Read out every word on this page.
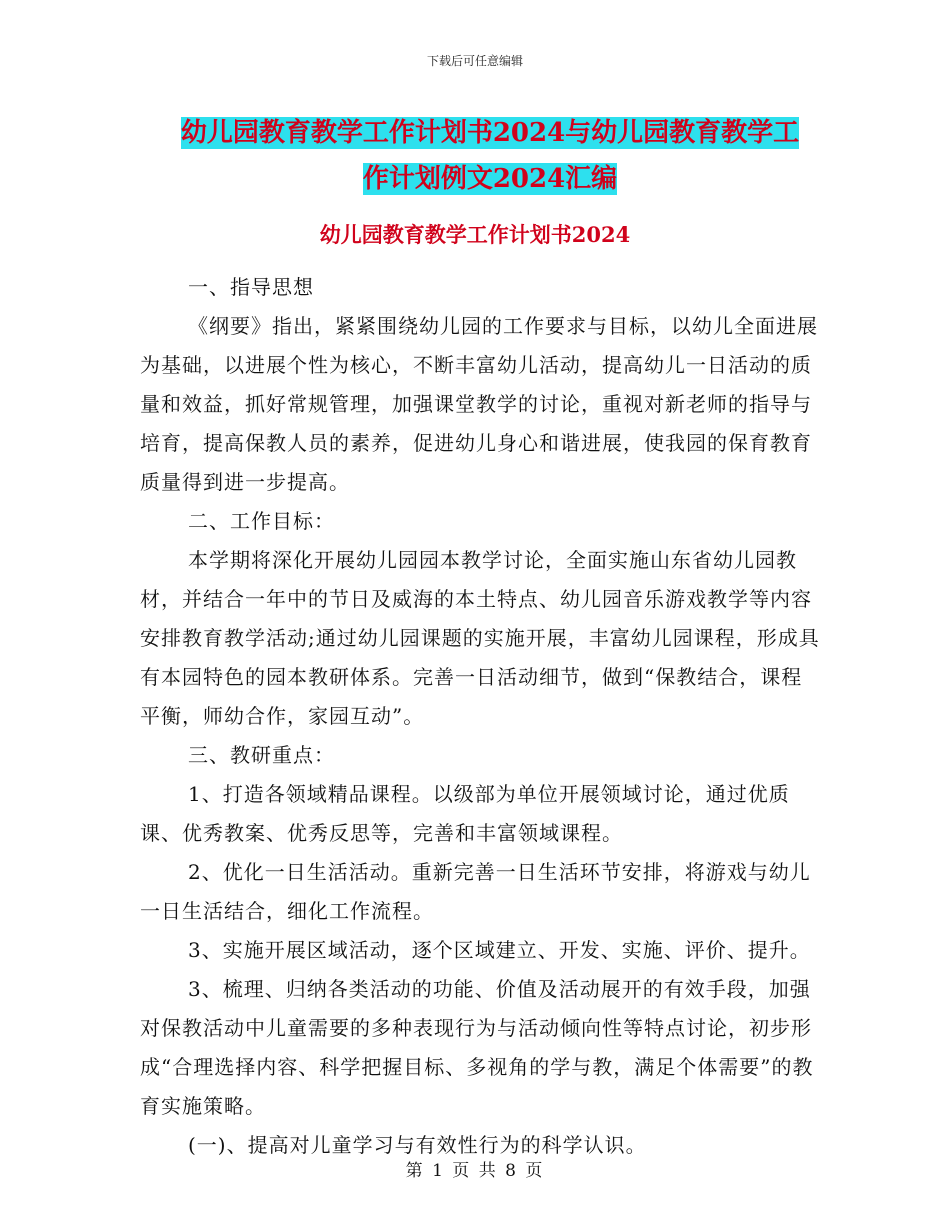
下载后可任意编辑
幼儿园教育教学工作计划书2024与幼儿园教育教学工
作计划例文2024汇编
幼儿园教育教学工作计划书2024

一、指导思想

《纲要》指出，紧紧围绕幼儿园的工作要求与目标，以幼儿全面进展为基础，以进展个性为核心，不断丰富幼儿活动，提高幼儿一日活动的质量和效益，抓好常规管理，加强课堂教学的讨论，重视对新老师的指导与培育，提高保教人员的素养，促进幼儿身心和谐进展，使我园的保育教育质量得到进一步提高。

二、工作目标：

本学期将深化开展幼儿园园本教学讨论，全面实施山东省幼儿园教材，并结合一年中的节日及威海的本土特点、幼儿园音乐游戏教学等内容安排教育教学活动;通过幼儿园课题的实施开展，丰富幼儿园课程，形成具有本园特色的园本教研体系。完善一日活动细节，做到“保教结合，课程平衡，师幼合作，家园互动”。

三、教研重点：

1、打造各领域精品课程。以级部为单位开展领域讨论，通过优质课、优秀教案、优秀反思等，完善和丰富领域课程。

2、优化一日生活活动。重新完善一日生活环节安排，将游戏与幼儿一日生活结合，细化工作流程。

3、实施开展区域活动，逐个区域建立、开发、实施、评价、提升。

3、梳理、归纳各类活动的功能、价值及活动展开的有效手段，加强对保教活动中儿童需要的多种表现行为与活动倾向性等特点讨论，初步形成“合理选择内容、科学把握目标、多视角的学与教，满足个体需要”的教育实施策略。

(一)、提高对儿童学习与有效性行为的科学认识。

第 1 页 共 8 页
